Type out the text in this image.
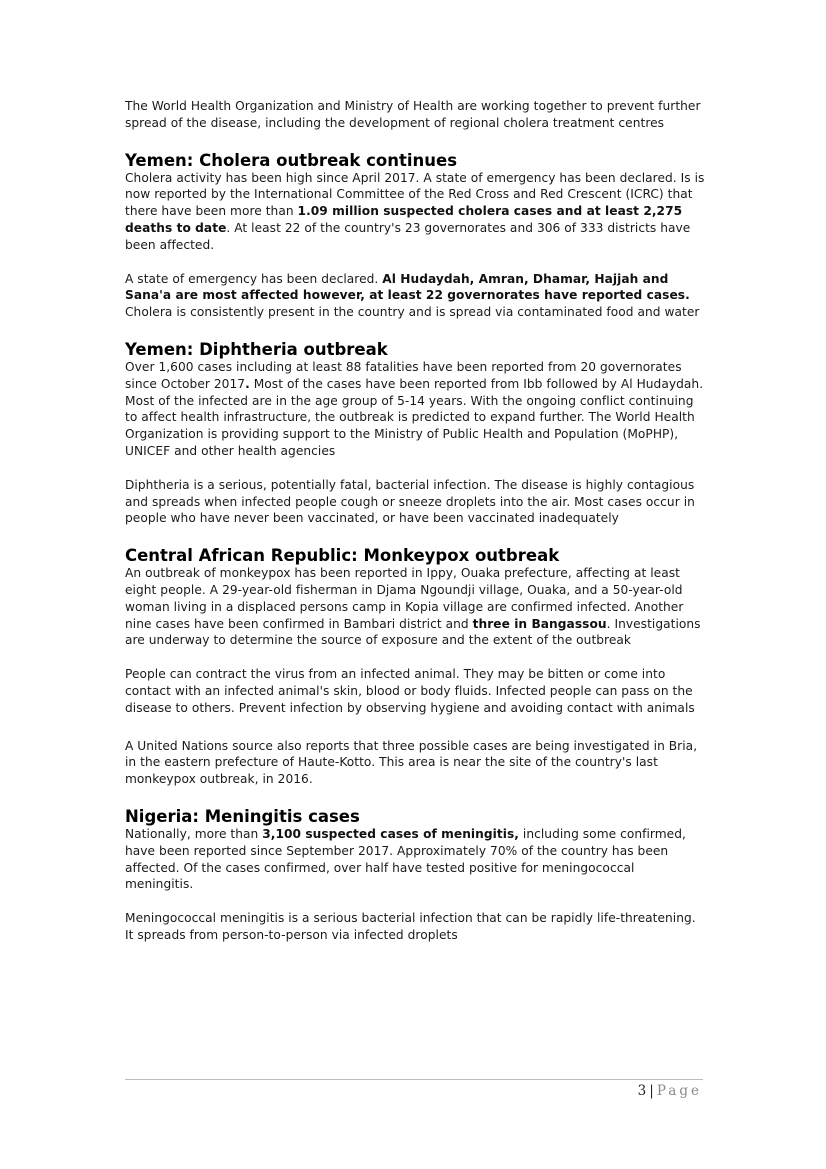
The World Health Organization and Ministry of Health are working together to prevent further spread of the disease, including the development of regional cholera treatment centres

Yemen: Cholera outbreak continues

Cholera activity has been high since April 2017. A state of emergency has been declared. Is is now reported by the International Committee of the Red Cross and Red Crescent (ICRC) that there have been more than 1.09 million suspected cholera cases and at least 2,275 deaths to date. At least 22 of the country's 23 governorates and 306 of 333 districts have been affected.

A state of emergency has been declared. Al Hudaydah, Amran, Dhamar, Hajjah and Sana'a are most affected however, at least 22 governorates have reported cases. Cholera is consistently present in the country and is spread via contaminated food and water

Yemen: Diphtheria outbreak

Over 1,600 cases including at least 88 fatalities have been reported from 20 governorates since October 2017. Most of the cases have been reported from Ibb followed by Al Hudaydah. Most of the infected are in the age group of 5-14 years. With the ongoing conflict continuing to affect health infrastructure, the outbreak is predicted to expand further. The World Health Organization is providing support to the Ministry of Public Health and Population (MoPHP), UNICEF and other health agencies

Diphtheria is a serious, potentially fatal, bacterial infection. The disease is highly contagious and spreads when infected people cough or sneeze droplets into the air. Most cases occur in people who have never been vaccinated, or have been vaccinated inadequately

Central African Republic: Monkeypox outbreak

An outbreak of monkeypox has been reported in Ippy, Ouaka prefecture, affecting at least eight people. A 29-year-old fisherman in Djama Ngoundji village, Ouaka, and a 50-year-old woman living in a displaced persons camp in Kopia village are confirmed infected. Another nine cases have been confirmed in Bambari district and three in Bangassou. Investigations are underway to determine the source of exposure and the extent of the outbreak

People can contract the virus from an infected animal. They may be bitten or come into contact with an infected animal's skin, blood or body fluids. Infected people can pass on the disease to others. Prevent infection by observing hygiene and avoiding contact with animals

A United Nations source also reports that three possible cases are being investigated in Bria, in the eastern prefecture of Haute-Kotto. This area is near the site of the country's last monkeypox outbreak, in 2016.

Nigeria: Meningitis cases

Nationally, more than 3,100 suspected cases of meningitis, including some confirmed, have been reported since September 2017. Approximately 70% of the country has been affected. Of the cases confirmed, over half have tested positive for meningococcal meningitis.

Meningococcal meningitis is a serious bacterial infection that can be rapidly life-threatening. It spreads from person-to-person via infected droplets

3 | Page
